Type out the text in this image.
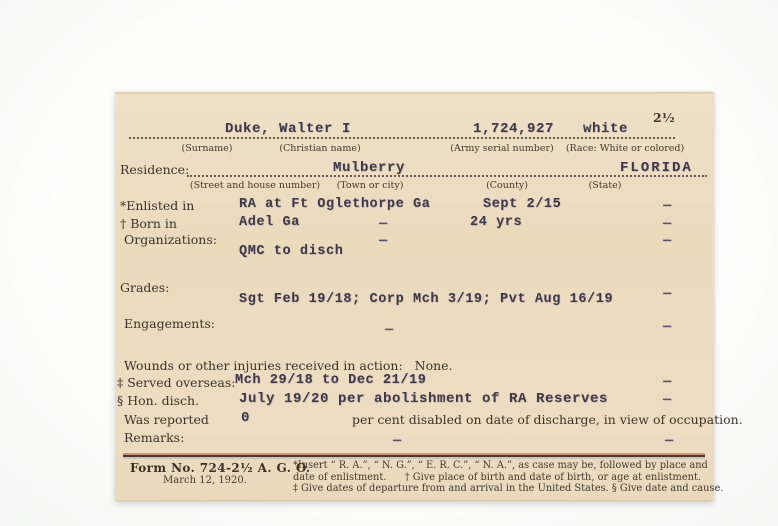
2½
Duke, Walter I	1,724,927 white
(Surname)	(Christian name)	(Army serial number) (Race: White or colored)
Residence:	Mulberry	FLORIDA
(Street and house number) (Town or city)	(County)	(State)
*Enlisted in	RA at Ft Oglethorpe Ga	Sept 2/15	—
† Born in	Adel Ga	—	24 yrs	—
Organizations:	—	—
QMC to disch
Grades:
Sgt Feb 19/18; Corp Mch 3/19; Pvt Aug 16/19	—
Engagements:	—	—
Wounds or other injuries received in action: None.
‡ Served overseas: Mch 29/18 to Dec 21/19	—
§ Hon. disch.	July 19/20 per abolishment of RA Reserves	—
Was reported 0	per cent disabled on date of discharge, in view of occupation.
Remarks:	—	—
Form No. 724-2½ A. G. O.
March 12, 1920.
*Insert “ R. A.”, “ N. G.”, “ E. R. C.”, “ N. A.”, as case may be, followed by place and
date of enlistment. † Give place of birth and date of birth, or age at enlistment.
‡ Give dates of departure from and arrival in the United States. § Give date and cause.
